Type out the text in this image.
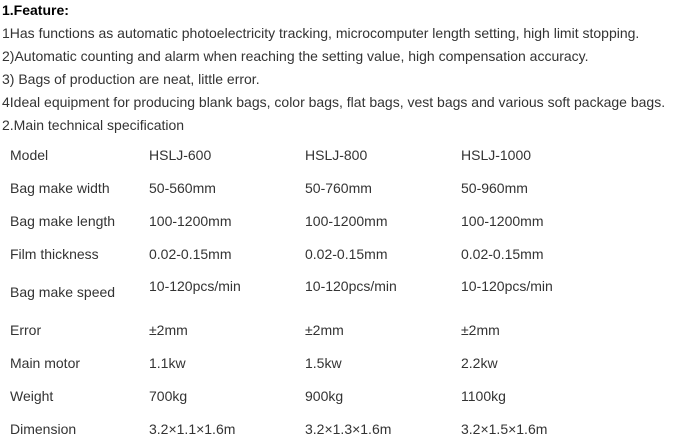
1.Feature:
1Has functions as automatic photoelectricity tracking, microcomputer length setting, high limit stopping.
2)Automatic counting and alarm when reaching the setting value, high compensation accuracy.
3) Bags of production are neat, little error.
4Ideal equipment for producing blank bags, color bags, flat bags, vest bags and various soft package bags.
2.Main technical specification
Model	HSLJ-600	HSLJ-800	HSLJ-1000
Bag make width	50-560mm	50-760mm	50-960mm
Bag make length 100-1200mm	100-1200mm	100-1200mm
Film thickness	0.02-0.15mm	0.02-0.15mm	0.02-0.15mm
Bag make speed 10-120pcs/min	10-120pcs/min	10-120pcs/min
Error	±2mm	±2mm	±2mm
Main motor	1.1kw	1.5kw	2.2kw
Weight	700kg	900kg	1100kg
Dimension	3.2×1.1×1.6m	3.2×1.3×1.6m	3.2×1.5×1.6m
